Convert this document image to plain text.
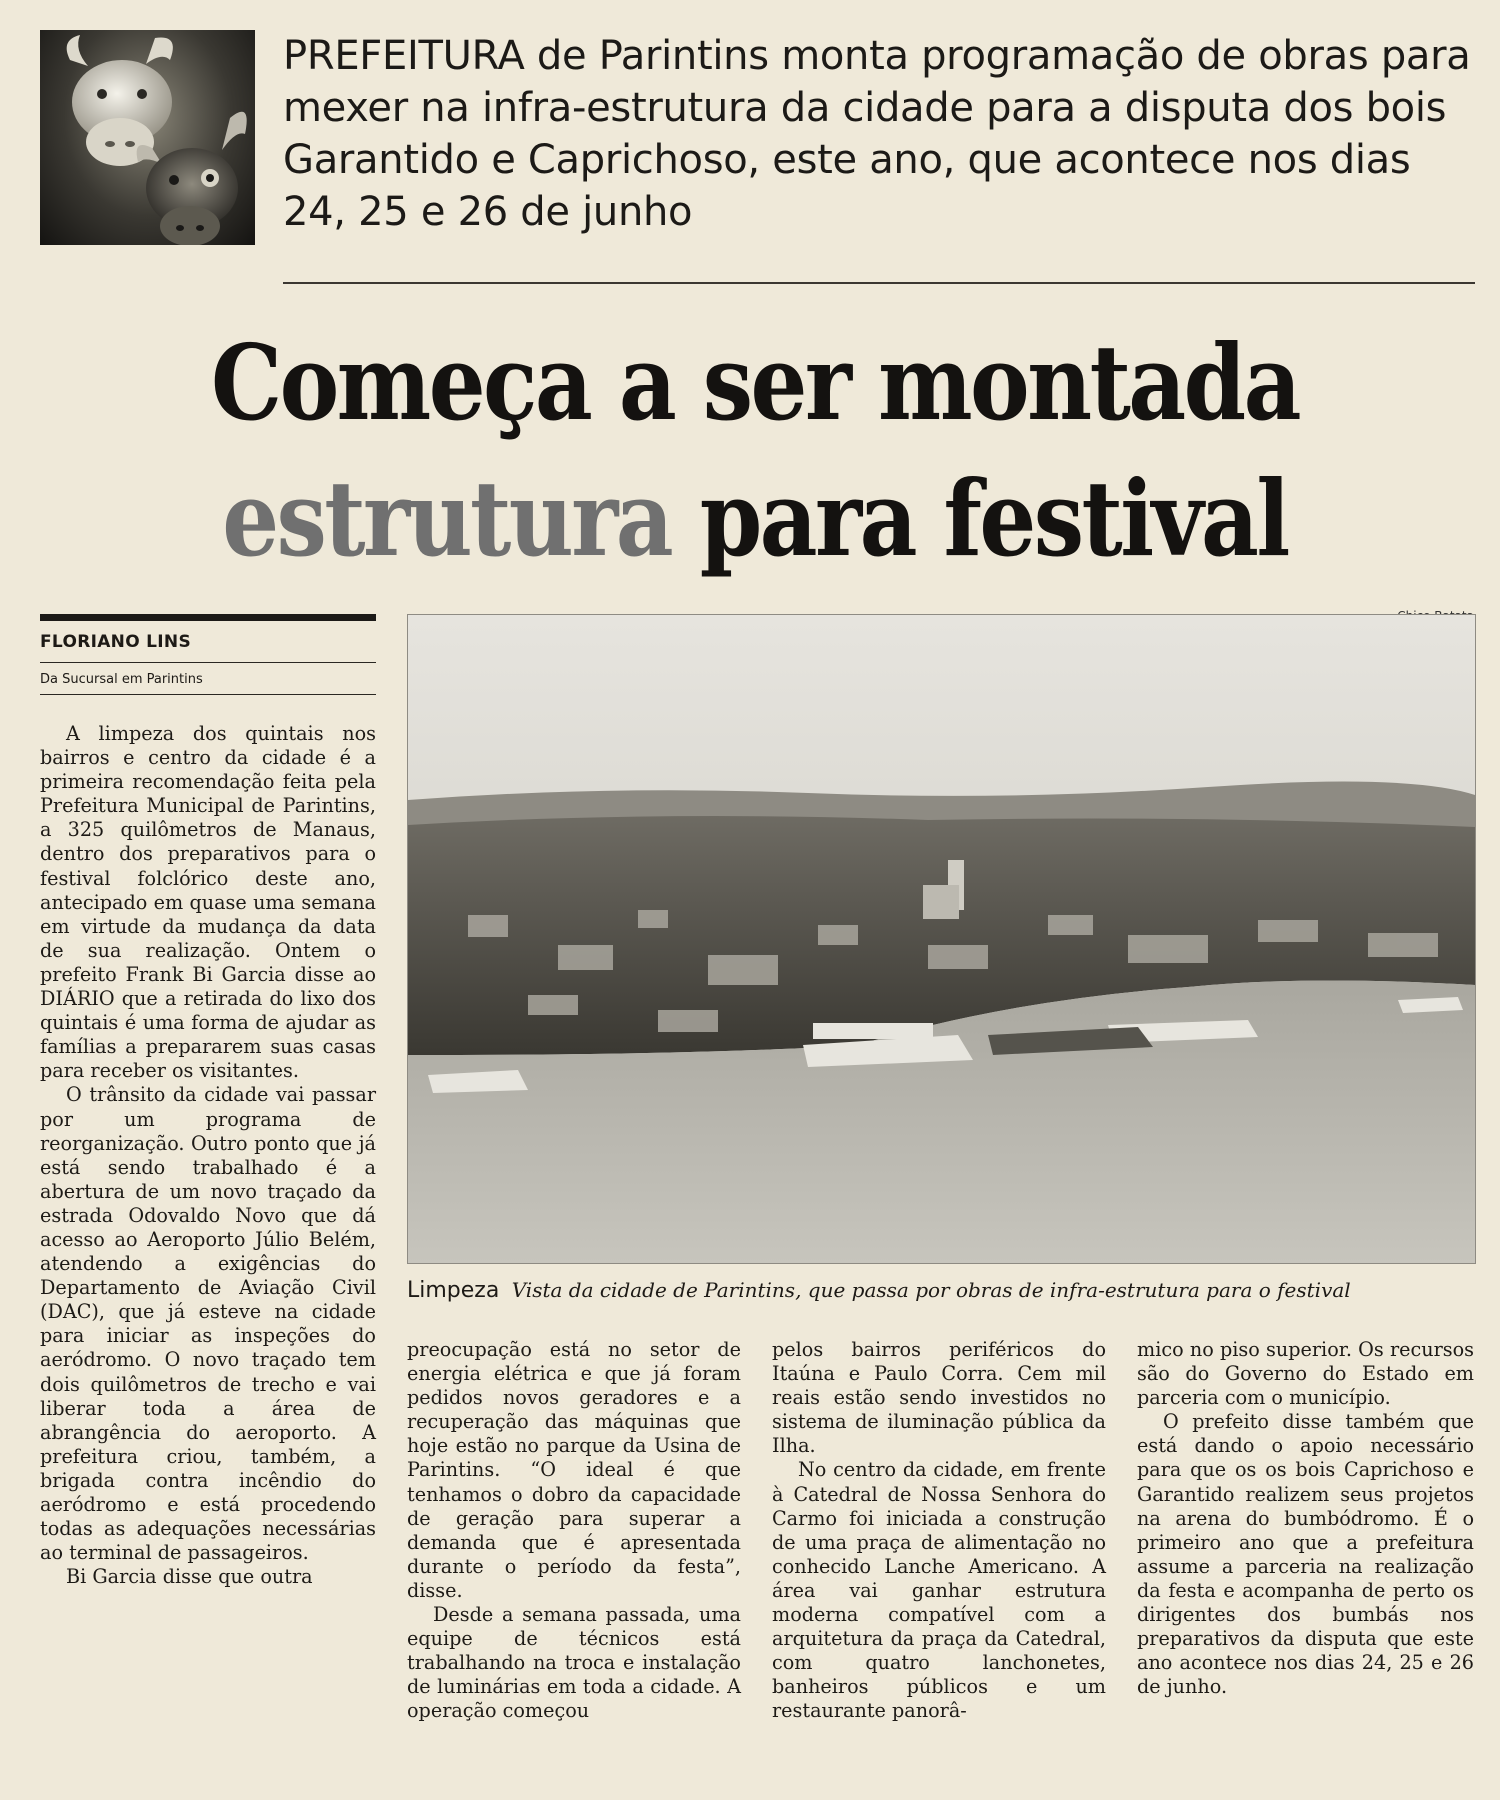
PREFEITURA de Parintins monta programação de obras para mexer na infra-estrutura da cidade para a disputa dos bois Garantido e Caprichoso, este ano, que acontece nos dias 24, 25 e 26 de junho
Começa a ser montada
estrutura para festival
FLORIANO LINS
Da Sucursal em Parintins
Limpeza Vista da cidade de Parintins, que passa por obras de infra-estrutura para o festival

A limpeza dos quintais nos bairros e centro da cidade é a primeira recomendação feita pela Prefeitura Municipal de Parintins, a 325 quilômetros de Manaus, dentro dos preparativos para o festival folclórico deste ano, antecipado em quase uma semana em virtude da mudança da data de sua realização. Ontem o prefeito Frank Bi Garcia disse ao DIÁRIO que a retirada do lixo dos quintais é uma forma de ajudar as famílias a prepararem suas casas para receber os visitantes.

O trânsito da cidade vai passar por um programa de reorganização. Outro ponto que já está sendo trabalhado é a abertura de um novo traçado da estrada Odovaldo Novo que dá acesso ao Aeroporto Júlio Belém, atendendo a exigências do Departamento de Aviação Civil (DAC), que já esteve na cidade para iniciar as inspeções do aeródromo. O novo traçado tem dois quilômetros de trecho e vai liberar toda a área de abrangência do aeroporto. A prefeitura criou, também, a brigada contra incêndio do aeródromo e está procedendo todas as adequações necessárias ao terminal de passageiros.

Bi Garcia disse que outra

preocupação está no setor de energia elétrica e que já foram pedidos novos geradores e a recuperação das máquinas que hoje estão no parque da Usina de Parintins. “O ideal é que tenhamos o dobro da capacidade de geração para superar a demanda que é apresentada durante o período da festa”, disse.

Desde a semana passada, uma equipe de técnicos está trabalhando na troca e instalação de luminárias em toda a cidade. A operação começou

pelos bairros periféricos do Itaúna e Paulo Corra. Cem mil reais estão sendo investidos no sistema de iluminação pública da Ilha.

No centro da cidade, em frente à Catedral de Nossa Senhora do Carmo foi iniciada a construção de uma praça de alimentação no conhecido Lanche Americano. A área vai ganhar estrutura moderna compatível com a arquitetura da praça da Catedral, com quatro lanchonetes, banheiros públicos e um restaurante panorâ-

mico no piso superior. Os recursos são do Governo do Estado em parceria com o município.

O prefeito disse também que está dando o apoio necessário para que os os bois Caprichoso e Garantido realizem seus projetos na arena do bumbódromo. É o primeiro ano que a prefeitura assume a parceria na realização da festa e acompanha de perto os dirigentes dos bumbás nos preparativos da disputa que este ano acontece nos dias 24, 25 e 26 de junho.
